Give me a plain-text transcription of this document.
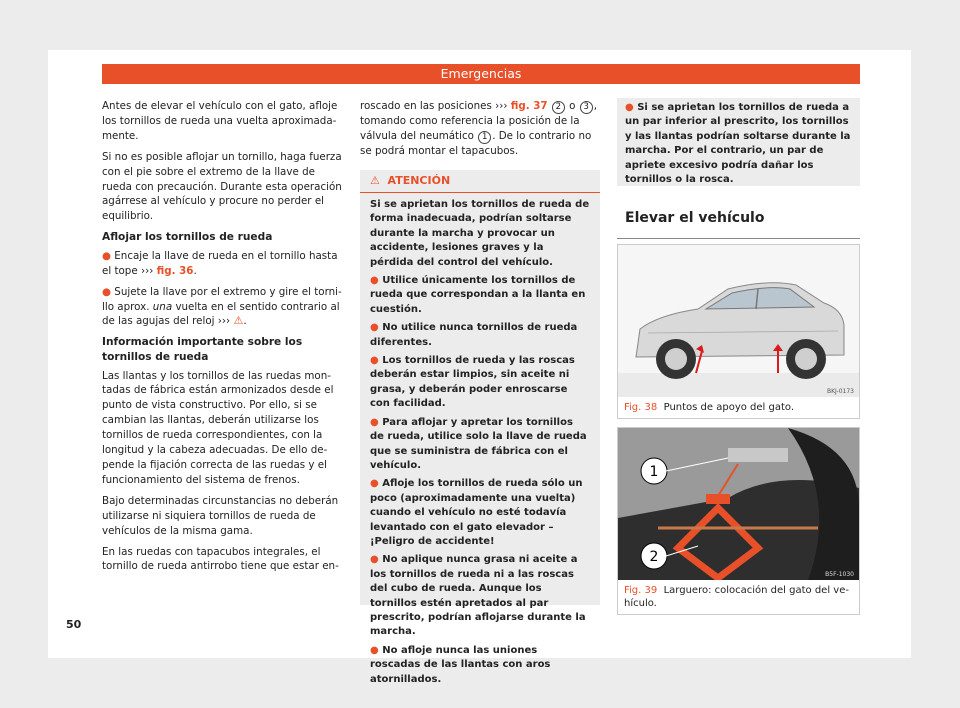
Emergencias

Antes de elevar el vehículo con el gato, afloje los tornillos de rueda una vuelta aproximadamente.

Si no es posible aflojar un tornillo, haga fuerza con el pie sobre el extremo de la llave de rueda con precaución. Durante esta operación agárrese al vehículo y procure no perder el equilibrio.

Aflojar los tornillos de rueda

● Encaje la llave de rueda en el tornillo hasta el tope ››› fig. 36.

● Sujete la llave por el extremo y gire el tornillo aprox. una vuelta en el sentido contrario al de las agujas del reloj ››› ⚠.

Información importante sobre los tornillos de rueda

Las llantas y los tornillos de las ruedas montadas de fábrica están armonizados desde el punto de vista constructivo. Por ello, si se cambian las llantas, deberán utilizarse los tornillos de rueda correspondientes, con la longitud y la cabeza adecuadas. De ello depende la fijación correcta de las ruedas y el funcionamiento del sistema de frenos.

Bajo determinadas circunstancias no deberán utilizarse ni siquiera tornillos de rueda de vehículos de la misma gama.

En las ruedas con tapacubos integrales, el tornillo de rueda antirrobo tiene que estar en-

roscado en las posiciones ››› fig. 37 2 o 3 , tomando como referencia la posición de la válvula del neumático 1 . De lo contrario no se podrá montar el tapacubos.

⚠ ATENCIÓN

Si se aprietan los tornillos de rueda de forma inadecuada, podrían soltarse durante la marcha y provocar un accidente, lesiones graves y la pérdida del control del vehículo.

● Utilice únicamente los tornillos de rueda que correspondan a la llanta en cuestión.

● No utilice nunca tornillos de rueda diferentes.

● Los tornillos de rueda y las roscas deberán estar limpios, sin aceite ni grasa, y deberán poder enroscarse con facilidad.

● Para aflojar y apretar los tornillos de rueda, utilice solo la llave de rueda que se suministra de fábrica con el vehículo.

● Afloje los tornillos de rueda sólo un poco (aproximadamente una vuelta) cuando el vehículo no esté todavía levantado con el gato elevador – ¡Peligro de accidente!

● No aplique nunca grasa ni aceite a los tornillos de rueda ni a las roscas del cubo de rueda. Aunque los tornillos estén apretados al par prescrito, podrían aflojarse durante la marcha.

● No afloje nunca las uniones roscadas de las llantas con aros atornillados.

● Si se aprietan los tornillos de rueda a un par inferior al prescrito, los tornillos y las llantas podrían soltarse durante la marcha. Por el contrario, un par de apriete excesivo podría dañar los tornillos o la rosca.
Elevar el vehículo
BKJ-0173
Fig. 38 Puntos de apoyo del gato.
1
2
B5F-1030
Fig. 39 Larguero: colocación del gato del vehículo.
50
